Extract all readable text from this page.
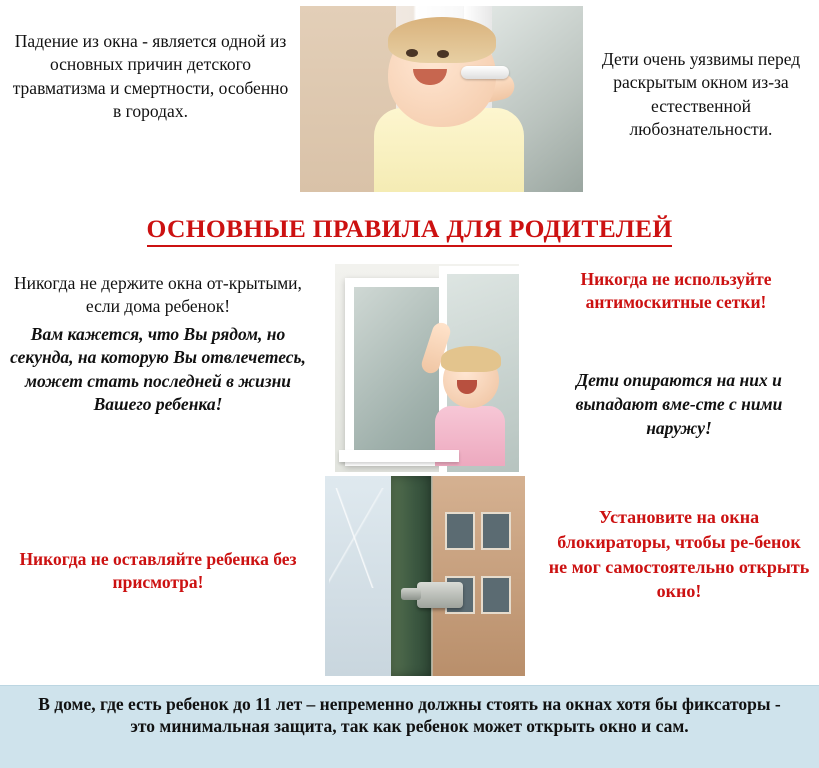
Падение из окна - является одной из основных причин детского травматизма и смертности, особенно в городах.
Дети очень уязвимы перед раскрытым окном из-за естественной любознательности.
ОСНОВНЫЕ ПРАВИЛА ДЛЯ РОДИТЕЛЕЙ
Никогда не держите окна от-крытыми, если дома ребенок!
Вам кажется, что Вы рядом, но секунда, на которую Вы отвлечетесь, может стать последней в жизни Вашего ребенка!
Никогда не оставляйте ребенка без присмотра!
Никогда не используйте антимоскитные сетки!
Дети опираются на них и выпадают вме-сте с ними наружу!
Установите на окна блокираторы, чтобы ре-бенок не мог самостоятельно открыть окно!
В доме, где есть ребенок до 11 лет – непременно должны стоять на окнах хотя бы фиксаторы - это минимальная защита, так как ребенок может открыть окно и сам.
